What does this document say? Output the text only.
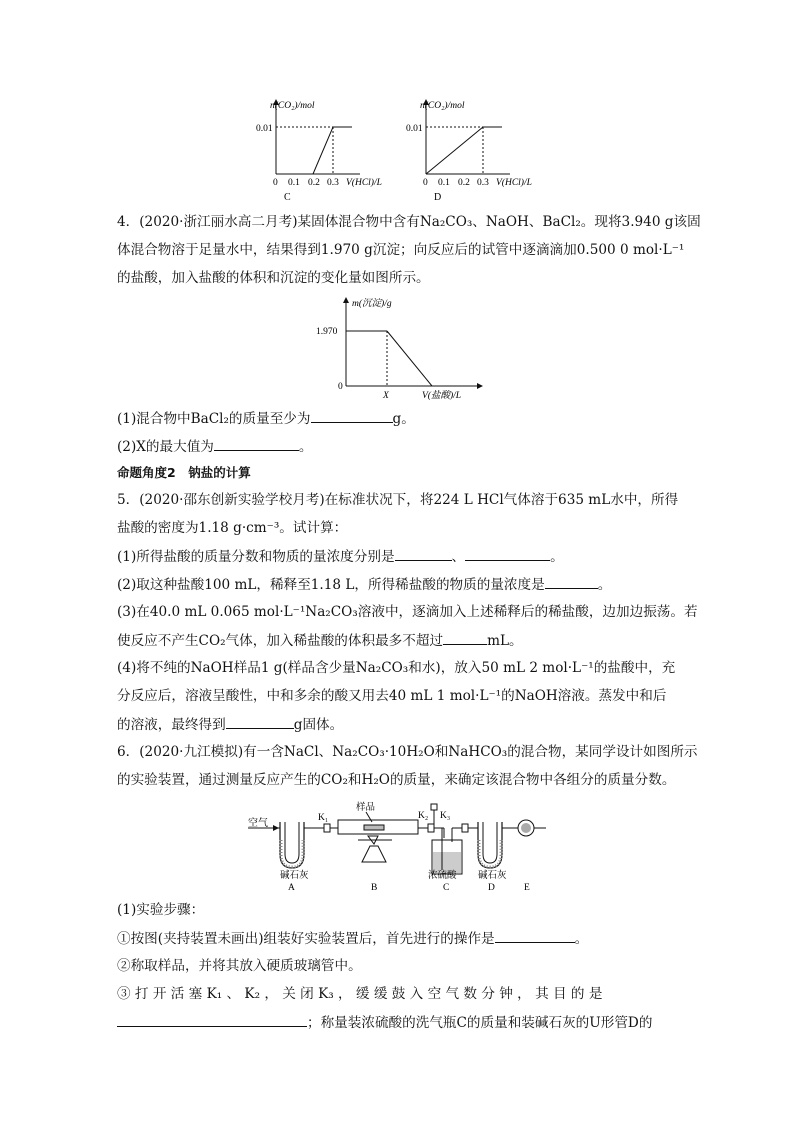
n(CO₂)/mol
0.01
0 0.1 0.2 0.3 V(HCl)/L
C
n(CO₂)/mol
0.01
0 0.1 0.2 0.3 V(HCl)/L
D
4．(2020·浙江丽水高二月考)某固体混合物中含有Na₂CO₃、NaOH、BaCl₂。现将3.940 g该固
体混合物溶于足量水中，结果得到1.970 g沉淀；向反应后的试管中逐滴滴加0.500 0 mol·L⁻¹
的盐酸，加入盐酸的体积和沉淀的变化量如图所示。
m(沉淀)/g
1.970
0
X	V(盐酸)/L
(1)混合物中BaCl₂的质量至少为	g。
(2)X的最大值为	。
命题角度2　钠盐的计算
5．(2020·邵东创新实验学校月考)在标准状况下，将224 L HCl气体溶于635 mL水中，所得
盐酸的密度为1.18 g·cm⁻³。试计算：
(1)所得盐酸的质量分数和物质的量浓度分别是	、	。
(2)取这种盐酸100 mL，稀释至1.18 L，所得稀盐酸的物质的量浓度是	。
(3)在40.0 mL 0.065 mol·L⁻¹Na₂CO₃溶液中，逐滴加入上述稀释后的稀盐酸，边加边振荡。若
使反应不产生CO₂气体，加入稀盐酸的体积最多不超过	mL。
(4)将不纯的NaOH样品1 g(样品含少量Na₂CO₃和水)，放入50 mL 2 mol·L⁻¹的盐酸中，充
分反应后，溶液呈酸性，中和多余的酸又用去40 mL 1 mol·L⁻¹的NaOH溶液。蒸发中和后
的溶液，最终得到	g固体。
6．(2020·九江模拟)有一含NaCl、Na₂CO₃·10H₂O和NaHCO₃的混合物，某同学设计如图所示
的实验装置，通过测量反应产生的CO₂和H₂O的质量，来确定该混合物中各组分的质量分数。
空气	K₁
样品
K₂ K₃
碱石灰	浓硫酸 碱石灰
A	B	C	D	E
(1)实验步骤：
①按图(夹持装置未画出)组装好实验装置后，首先进行的操作是	。
②称取样品，并将其放入硬质玻璃管中。
③ 打 开 活 塞 K₁ 、 K₂ ， 关 闭 K₃ ， 缓 缓 鼓 入 空 气 数 分 钟 ， 其 目 的 是
；称量装浓硫酸的洗气瓶C的质量和装碱石灰的U形管D的
